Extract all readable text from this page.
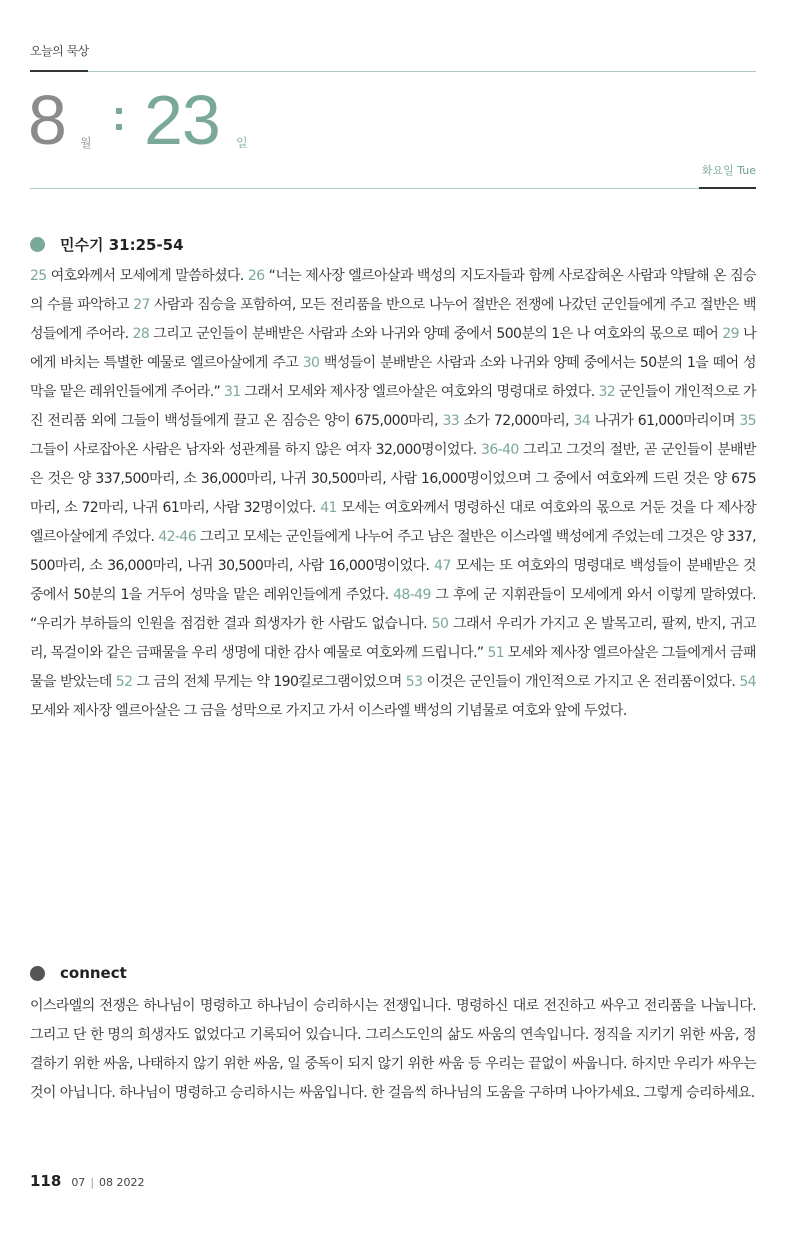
오늘의 묵상
8 월 23 일
화요일 Tue
민수기 31:25-54

25 여호와께서 모세에게 말씀하셨다. 26 “너는 제사장 엘르아살과 백성의 지도자들과 함께 사로잡혀온 사람과 약탈해 온 짐승의 수를 파악하고 27 사람과 짐승을 포함하여, 모든 전리품을 반으로 나누어 절반은 전쟁에 나갔던 군인들에게 주고 절반은 백성들에게 주어라. 28 그리고 군인들이 분배받은 사람과 소와 나귀와 양떼 중에서 500분의 1은 나 여호와의 몫으로 떼어 29 나에게 바치는 특별한 예물로 엘르아살에게 주고 30 백성들이 분배받은 사람과 소와 나귀와 양떼 중에서는 50분의 1을 떼어 성막을 맡은 레위인들에게 주어라.” 31 그래서 모세와 제사장 엘르아살은 여호와의 명령대로 하였다. 32 군인들이 개인적으로 가진 전리품 외에 그들이 백성들에게 끌고 온 짐승은 양이 675,000마리, 33 소가 72,000마리, 34 나귀가 61,000마리이며 35 그들이 사로잡아온 사람은 남자와 성관계를 하지 않은 여자 32,000명이었다. 36-40 그리고 그것의 절반, 곧 군인들이 분배받은 것은 양 337,500마리, 소 36,000마리, 나귀 30,500마리, 사람 16,000명이었으며 그 중에서 여호와께 드린 것은 양 675마리, 소 72마리, 나귀 61마리, 사람 32명이었다. 41 모세는 여호와께서 명령하신 대로 여호와의 몫으로 거둔 것을 다 제사장 엘르아살에게 주었다. 42-46 그리고 모세는 군인들에게 나누어 주고 남은 절반은 이스라엘 백성에게 주었는데 그것은 양 337,500마리, 소 36,000마리, 나귀 30,500마리, 사람 16,000명이었다. 47 모세는 또 여호와의 명령대로 백성들이 분배받은 것 중에서 50분의 1을 거두어 성막을 맡은 레위인들에게 주었다. 48-49 그 후에 군 지휘관들이 모세에게 와서 이렇게 말하였다. “우리가 부하들의 인원을 점검한 결과 희생자가 한 사람도 없습니다. 50 그래서 우리가 가지고 온 발목고리, 팔찌, 반지, 귀고리, 목걸이와 같은 금패물을 우리 생명에 대한 감사 예물로 여호와께 드립니다.” 51 모세와 제사장 엘르아살은 그들에게서 금패물을 받았는데 52 그 금의 전체 무게는 약 190킬로그램이었으며 53 이것은 군인들이 개인적으로 가지고 온 전리품이었다. 54 모세와 제사장 엘르아살은 그 금을 성막으로 가지고 가서 이스라엘 백성의 기념물로 여호와 앞에 두었다.

connect

이스라엘의 전쟁은 하나님이 명령하고 하나님이 승리하시는 전쟁입니다. 명령하신 대로 전진하고 싸우고 전리품을 나눕니다. 그리고 단 한 명의 희생자도 없었다고 기록되어 있습니다. 그리스도인의 삶도 싸움의 연속입니다. 정직을 지키기 위한 싸움, 정결하기 위한 싸움, 나태하지 않기 위한 싸움, 일 중독이 되지 않기 위한 싸움 등 우리는 끝없이 싸웁니다. 하지만 우리가 싸우는 것이 아닙니다. 하나님이 명령하고 승리하시는 싸움입니다. 한 걸음씩 하나님의 도움을 구하며 나아가세요. 그렇게 승리하세요.

118 07 | 08 2022
